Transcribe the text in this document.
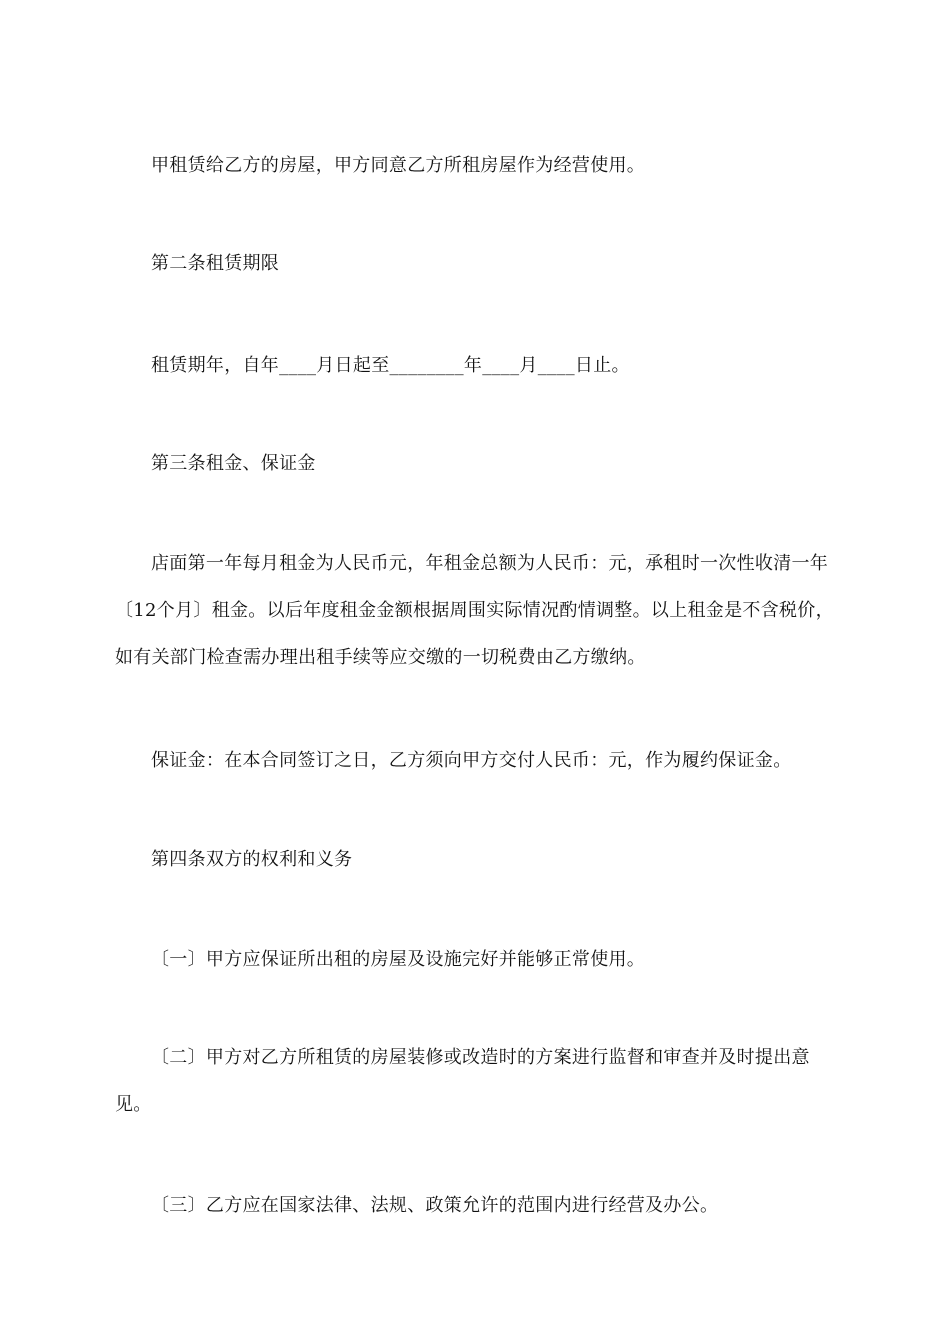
甲租赁给乙方的房屋，甲方同意乙方所租房屋作为经营使用。

第二条租赁期限

租赁期年，自年____月日起至________年____月____日止。

第三条租金、保证金

店面第一年每月租金为人民币元，年租金总额为人民币：元，承租时一次性收清一年〔12个月〕租金。以后年度租金金额根据周围实际情况酌情调整。以上租金是不含税价，如有关部门检查需办理出租手续等应交缴的一切税费由乙方缴纳。

保证金：在本合同签订之日，乙方须向甲方交付人民币：元，作为履约保证金。

第四条双方的权利和义务

〔一〕甲方应保证所出租的房屋及设施完好并能够正常使用。

〔二〕甲方对乙方所租赁的房屋装修或改造时的方案进行监督和审查并及时提出意见。

〔三〕乙方应在国家法律、法规、政策允许的范围内进行经营及办公。
